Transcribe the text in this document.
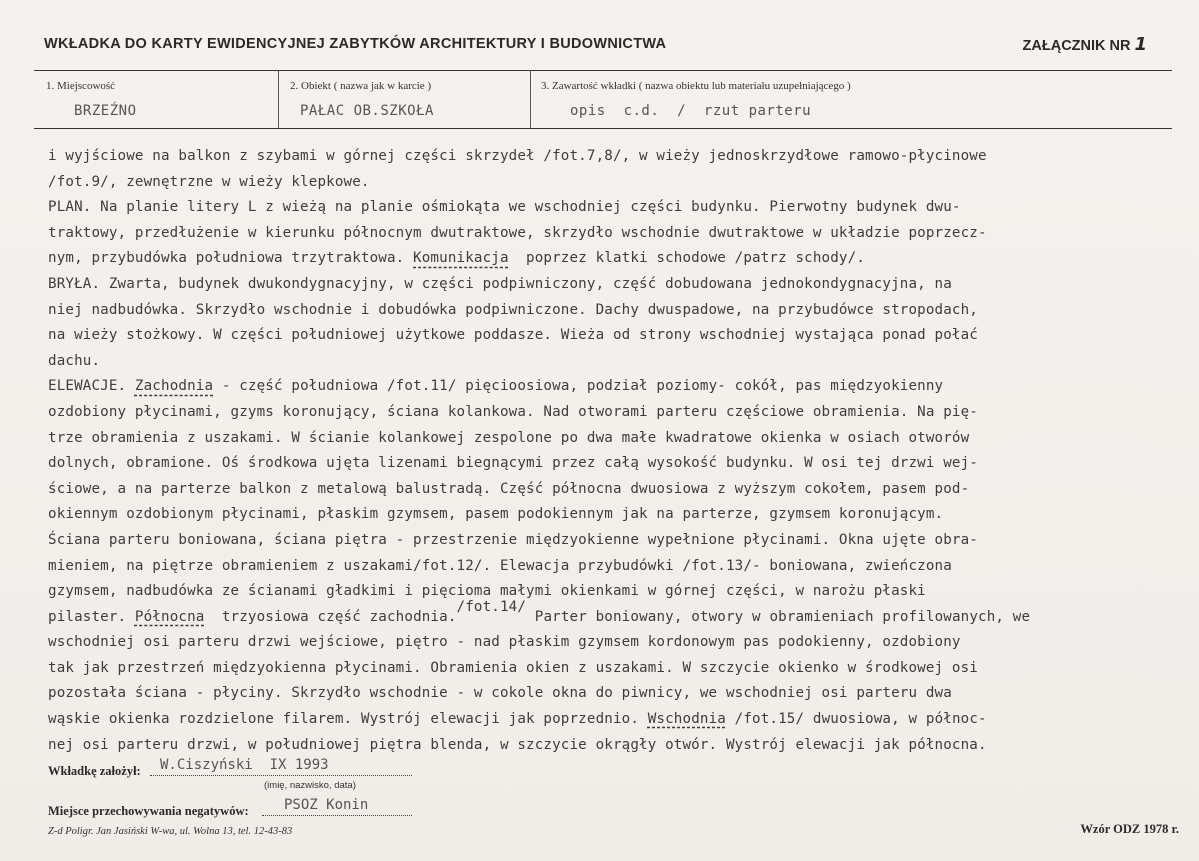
WKŁADKA DO KARTY EWIDENCYJNEJ ZABYTKÓW ARCHITEKTURY I BUDOWNICTWA	ZAŁĄCZNIK NR 1
1. Miejscowość
BRZEŹNO
2. Obiekt ( nazwa jak w karcie )
PAŁAC OB.SZKOŁA
3. Zawartość wkładki ( nazwa obiektu lub materiału uzupełniającego )
opis  c.d.  /  rzut parteru
i wyjściowe na balkon z szybami w górnej części skrzydeł /fot.7,8/, w wieży jednoskrzydłowe ramowo-płycinowe
/fot.9/, zewnętrzne w wieży klepkowe.
PLAN. Na planie litery L z wieżą na planie ośmiokąta we wschodniej części budynku. Pierwotny budynek dwu-
traktowy, przedłużenie w kierunku północnym dwutraktowe, skrzydło wschodnie dwutraktowe w układzie poprzecz-
nym, przybudówka południowa trzytraktowa. Komunikacja  poprzez klatki schodowe /patrz schody/.
BRYŁA. Zwarta, budynek dwukondygnacyjny, w części podpiwniczony, część dobudowana jednokondygnacyjna, na
niej nadbudówka. Skrzydło wschodnie i dobudówka podpiwniczone. Dachy dwuspadowe, na przybudówce stropodach,
na wieży stożkowy. W części południowej użytkowe poddasze. Wieża od strony wschodniej wystająca ponad połać
dachu.
ELEWACJE. Zachodnia - część południowa /fot.11/ pięcioosiowa, podział poziomy- cokół, pas międzyokienny
ozdobiony płycinami, gzyms koronujący, ściana kolankowa. Nad otworami parteru częściowe obramienia. Na pię-
trze obramienia z uszakami. W ścianie kolankowej zespolone po dwa małe kwadratowe okienka w osiach otworów
dolnych, obramione. Oś środkowa ujęta lizenami biegnącymi przez całą wysokość budynku. W osi tej drzwi wej-
ściowe, a na parterze balkon z metalową balustradą. Część północna dwuosiowa z wyższym cokołem, pasem pod-
okiennym ozdobionym płycinami, płaskim gzymsem, pasem podokiennym jak na parterze, gzymsem koronującym.
Ściana parteru boniowana, ściana piętra - przestrzenie międzyokienne wypełnione płycinami. Okna ujęte obra-
mieniem, na piętrze obramieniem z uszakami/fot.12/. Elewacja przybudówki /fot.13/- boniowana, zwieńczona
gzymsem, nadbudówka ze ścianami gładkimi i pięcioma małymi okienkami w górnej części, w narożu płaski
pilaster. Północna  trzyosiowa część zachodnia./fot.14/ Parter boniowany, otwory w obramieniach profilowanych, we
wschodniej osi parteru drzwi wejściowe, piętro - nad płaskim gzymsem kordonowym pas podokienny, ozdobiony
tak jak przestrzeń międzyokienna płycinami. Obramienia okien z uszakami. W szczycie okienko w środkowej osi
pozostała ściana - płyciny. Skrzydło wschodnie - w cokole okna do piwnicy, we wschodniej osi parteru dwa
wąskie okienka rozdzielone filarem. Wystrój elewacji jak poprzednio. Wschodnia /fot.15/ dwuosiowa, w północ-
nej osi parteru drzwi, w południowej piętra blenda, w szczycie okrągły otwór. Wystrój elewacji jak północna.
Wkładkę założył: W.Ciszyński  IX 1993
(imię, nazwisko, data)
Miejsce przechowywania negatywów:	PSOZ Konin
Z-d Poligr. Jan Jasiński W-wa, ul. Wolna 13, tel. 12-43-83	Wzór ODZ 1978 r.
